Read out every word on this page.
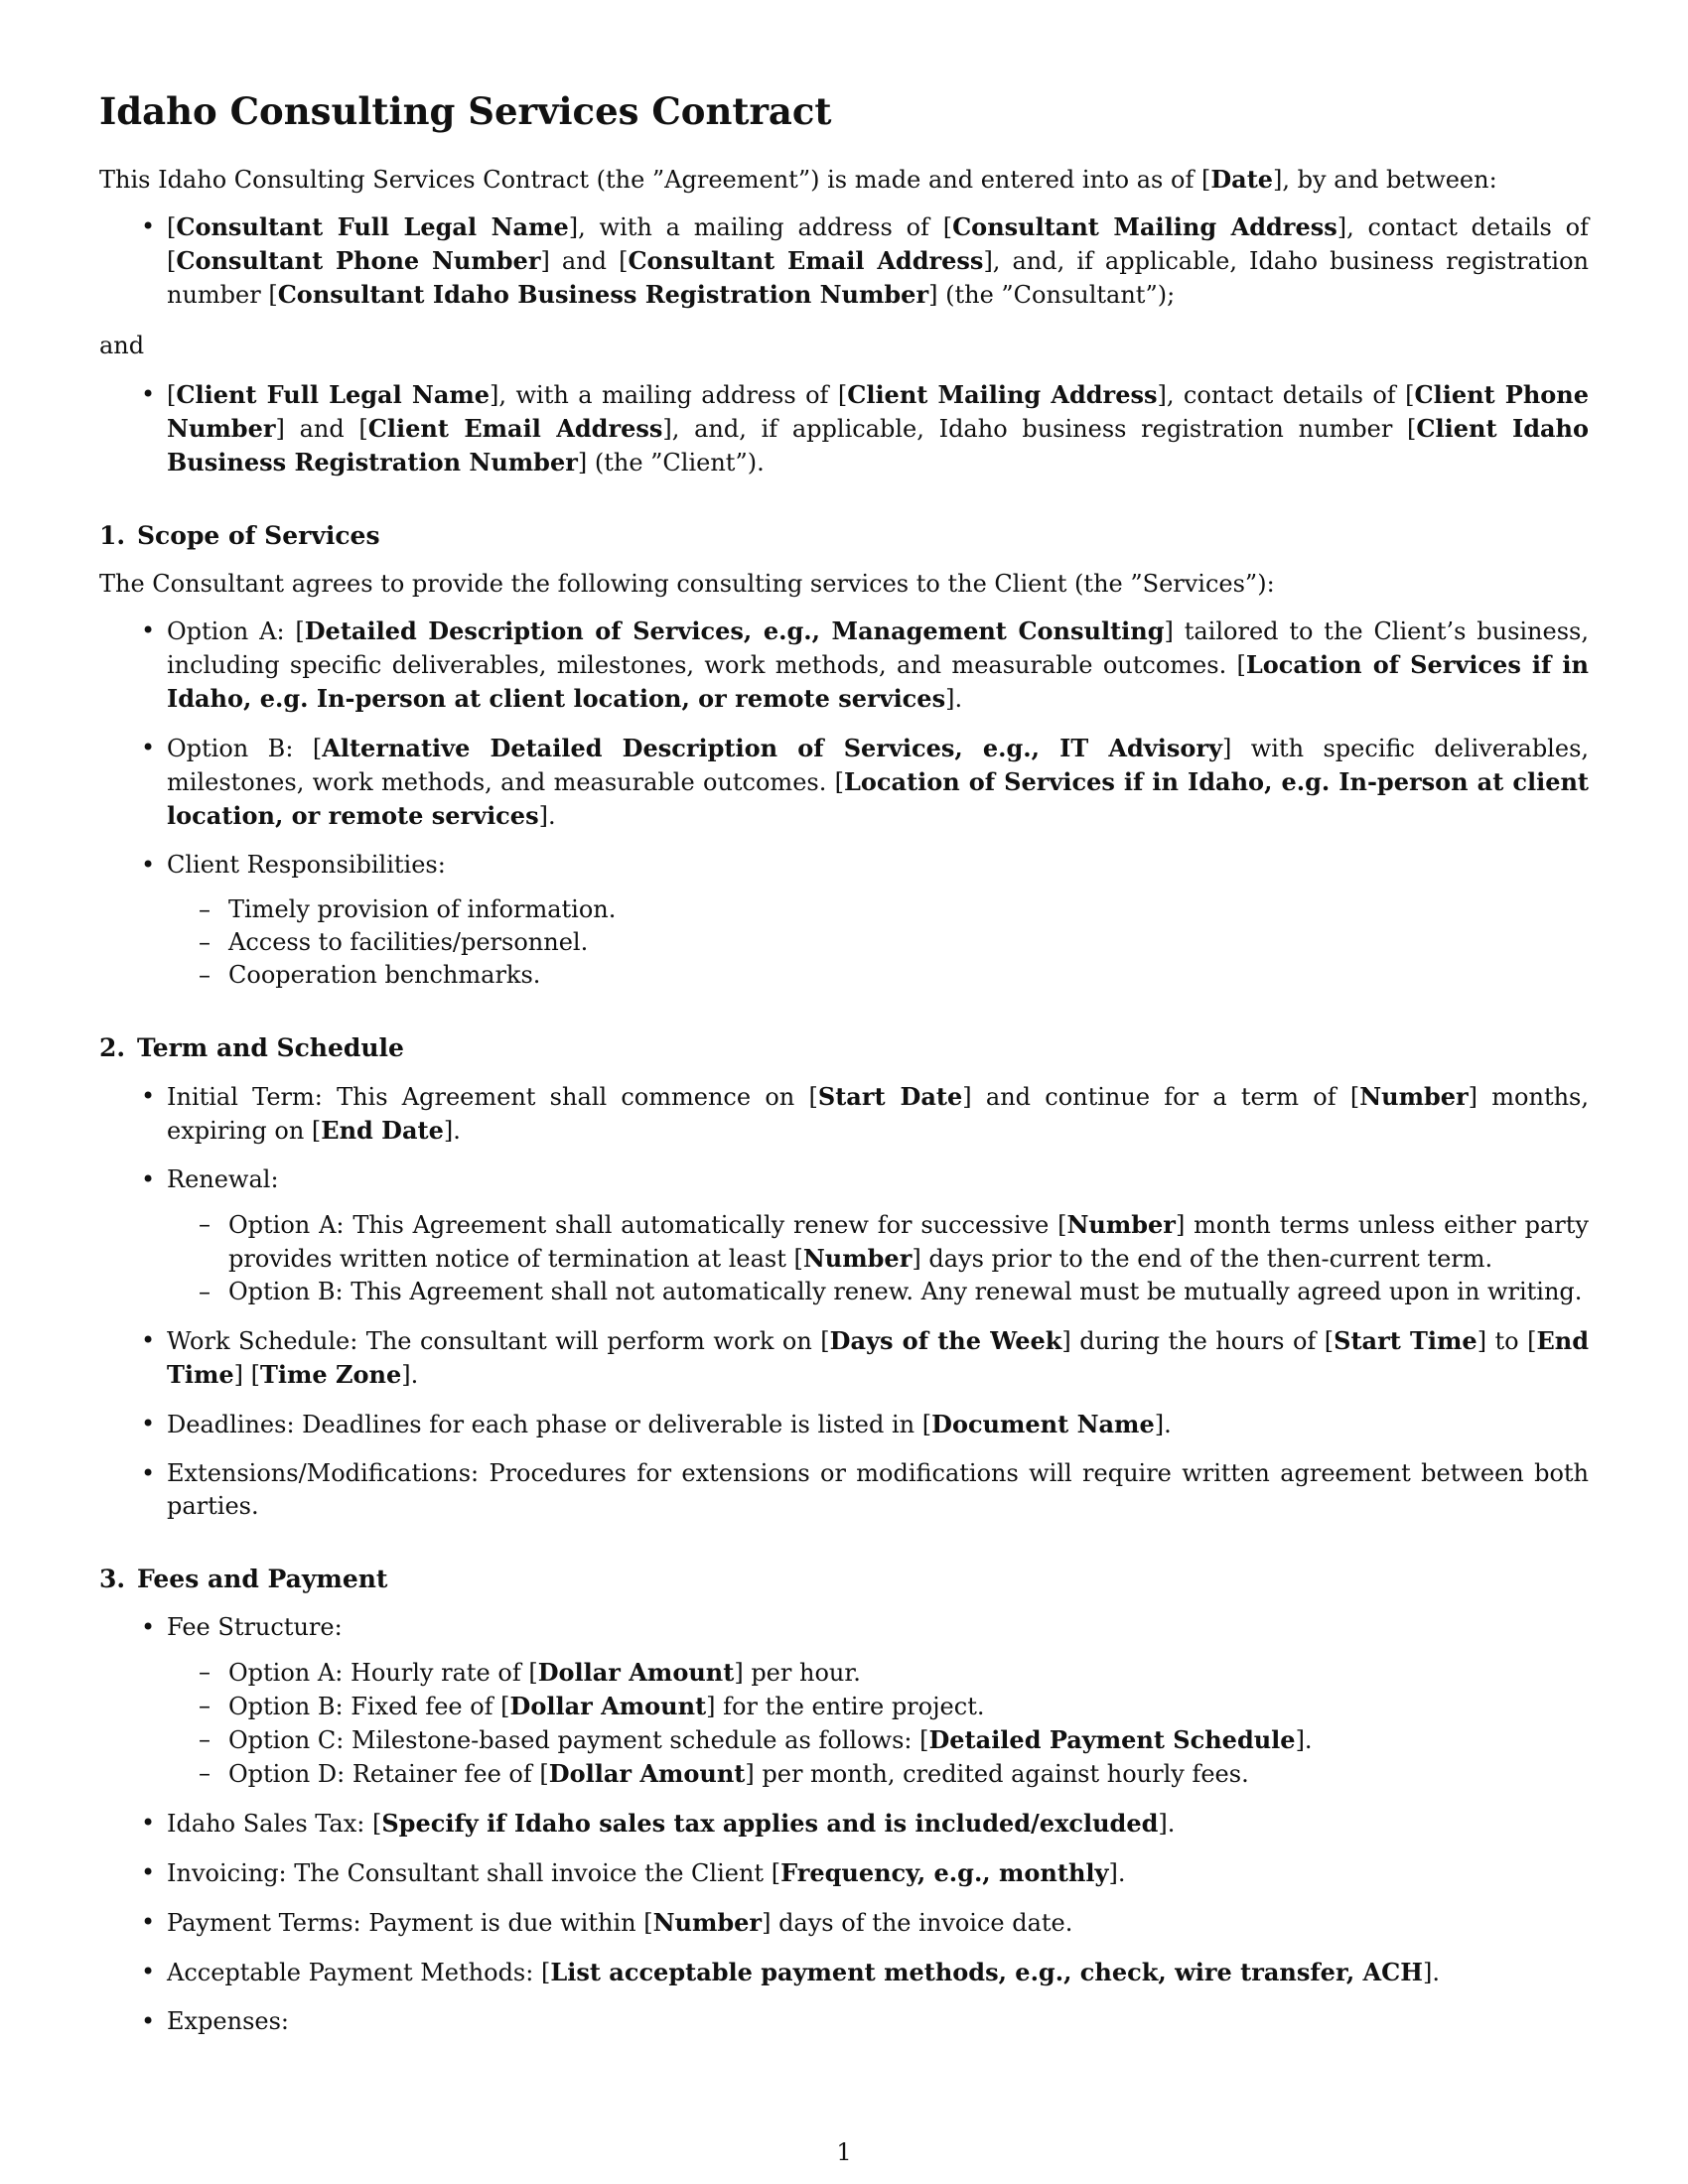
Idaho Consulting Services Contract

This Idaho Consulting Services Contract (the ”Agreement”) is made and entered into as of [Date], by and between:

• [Consultant Full Legal Name], with a mailing address of [Consultant Mailing Address], contact details of [Consultant Phone Number] and [Consultant Email Address], and, if applicable, Idaho business registration number [Consultant Idaho Business Registration Number] (the ”Consultant”);

and

• [Client Full Legal Name], with a mailing address of [Client Mailing Address], contact details of [Client Phone Number] and [Client Email Address], and, if applicable, Idaho business registration number [Client Idaho Business Registration Number] (the ”Client”).
1. Scope of Services

The Consultant agrees to provide the following consulting services to the Client (the ”Services”):

• Option A: [Detailed Description of Services, e.g., Management Consulting] tailored to the Client’s business, including specific deliverables, milestones, work methods, and measurable outcomes. [Location of Services if in Idaho, e.g. In-person at client location, or remote services].
• Option B: [Alternative Detailed Description of Services, e.g., IT Advisory] with specific deliverables, milestones, work methods, and measurable outcomes. [Location of Services if in Idaho, e.g. In-person at client location, or remote services].
• Client Responsibilities:
– Timely provision of information.
– Access to facilities/personnel.
– Cooperation benchmarks.
2. Term and Schedule
• Initial Term: This Agreement shall commence on [Start Date] and continue for a term of [Number] months, expiring on [End Date].
• Renewal:
– Option A: This Agreement shall automatically renew for successive [Number] month terms unless either party provides written notice of termination at least [Number] days prior to the end of the then-current term.
– Option B: This Agreement shall not automatically renew. Any renewal must be mutually agreed upon in writing.
• Work Schedule: The consultant will perform work on [Days of the Week] during the hours of [Start Time] to [End Time] [Time Zone].
• Deadlines: Deadlines for each phase or deliverable is listed in [Document Name].
• Extensions/Modifications: Procedures for extensions or modifications will require written agreement between both parties.
3. Fees and Payment
• Fee Structure:
– Option A: Hourly rate of [Dollar Amount] per hour.
– Option B: Fixed fee of [Dollar Amount] for the entire project.
– Option C: Milestone-based payment schedule as follows: [Detailed Payment Schedule].
– Option D: Retainer fee of [Dollar Amount] per month, credited against hourly fees.
• Idaho Sales Tax: [Specify if Idaho sales tax applies and is included/excluded].
• Invoicing: The Consultant shall invoice the Client [Frequency, e.g., monthly].
• Payment Terms: Payment is due within [Number] days of the invoice date.
• Acceptable Payment Methods: [List acceptable payment methods, e.g., check, wire transfer, ACH].
• Expenses:
1
